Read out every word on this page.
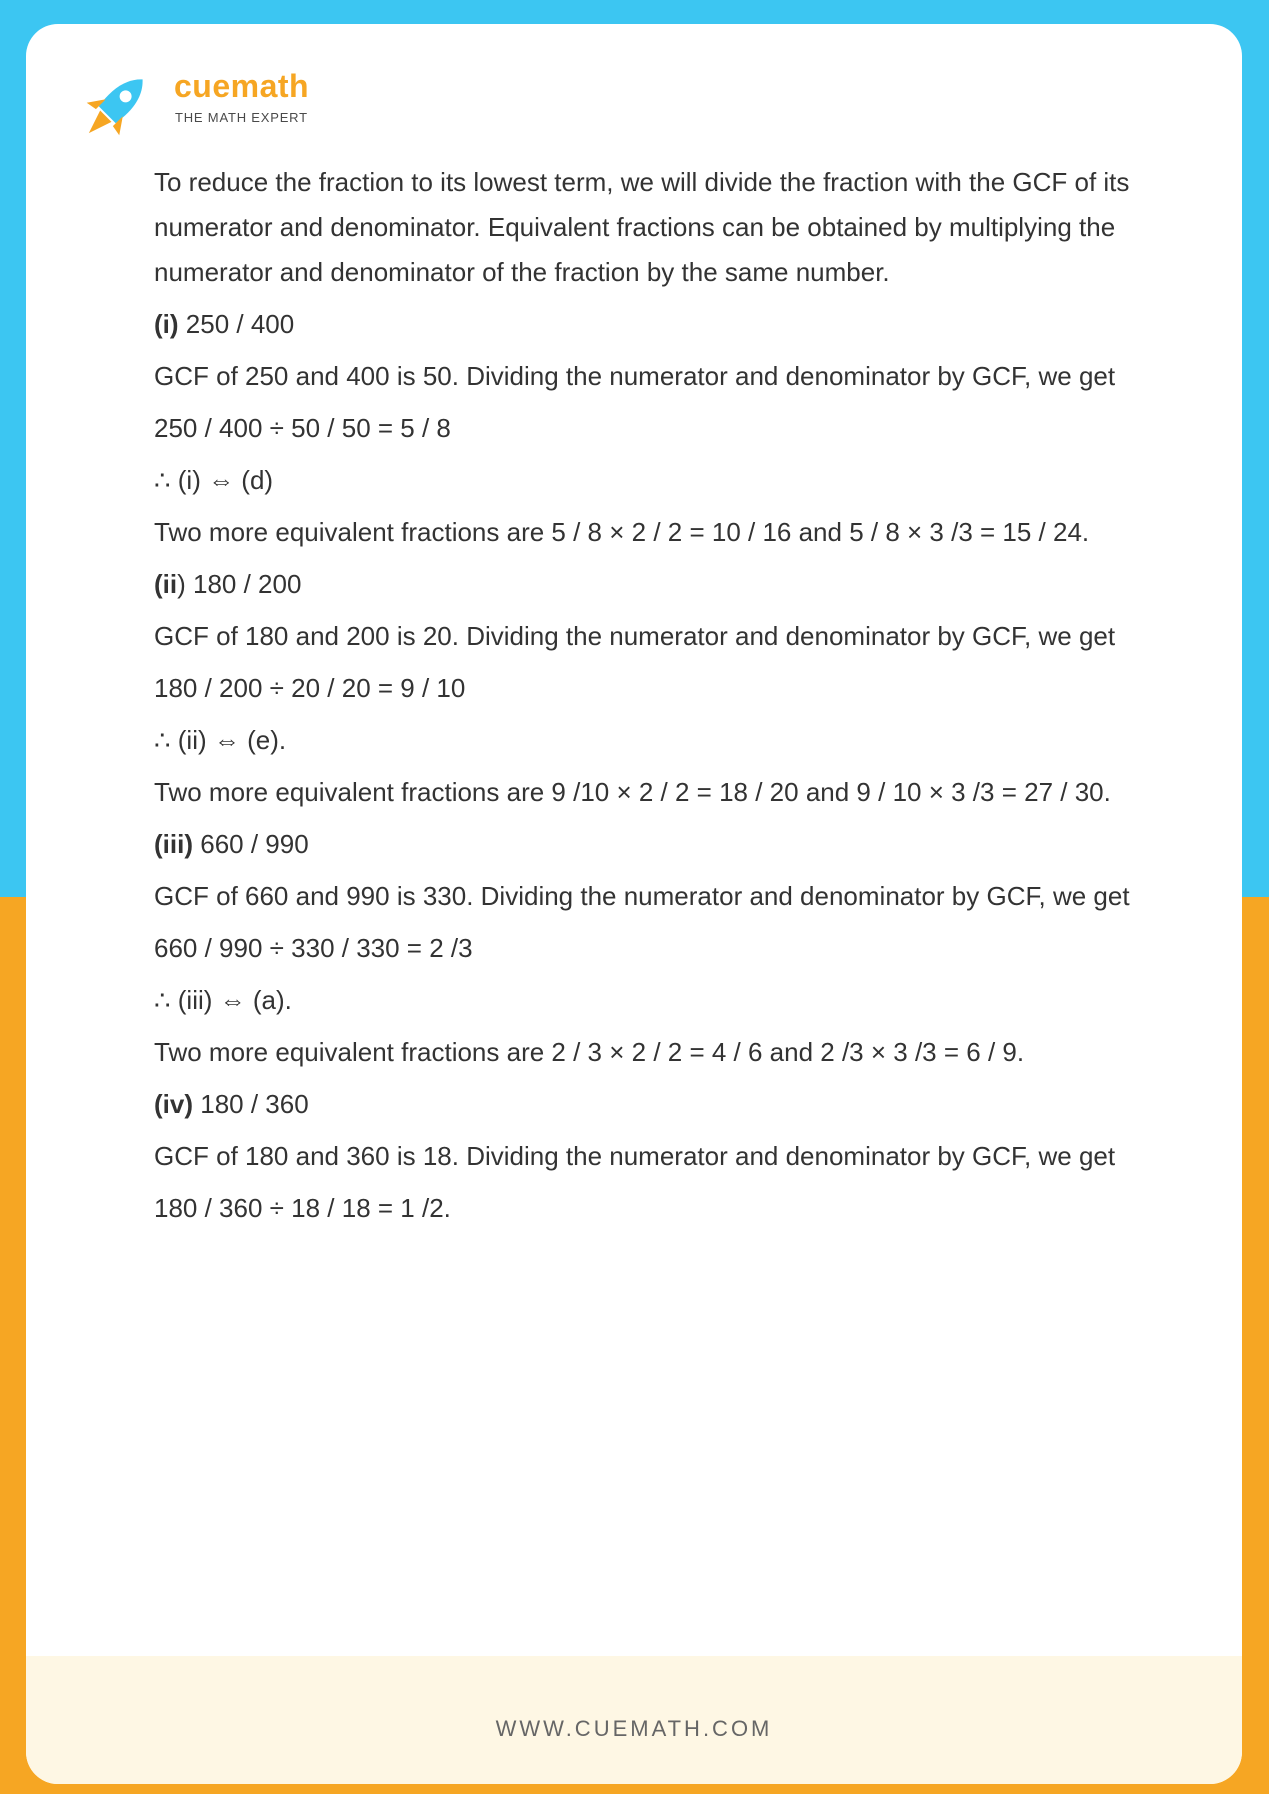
cuemath
THE MATH EXPERT

To reduce the fraction to its lowest term, we will divide the fraction with the GCF of its numerator and denominator. Equivalent fractions can be obtained by multiplying the numerator and denominator of the fraction by the same number.

(i) 250 / 400

GCF of 250 and 400 is 50. Dividing the numerator and denominator by GCF, we get

250 / 400 ÷ 50 / 50 = 5 / 8

∴ (i) ⇔ (d)

Two more equivalent fractions are 5 / 8 × 2 / 2 = 10 / 16 and 5 / 8 × 3 /3 = 15 / 24.

(ii) 180 / 200

GCF of 180 and 200 is 20. Dividing the numerator and denominator by GCF, we get

180 / 200 ÷ 20 / 20 = 9 / 10

∴ (ii) ⇔ (e).

Two more equivalent fractions are 9 /10 × 2 / 2 = 18 / 20 and 9 / 10 × 3 /3 = 27 / 30.

(iii) 660 / 990

GCF of 660 and 990 is 330. Dividing the numerator and denominator by GCF, we get

660 / 990 ÷ 330 / 330 = 2 /3

∴ (iii) ⇔ (a).

Two more equivalent fractions are 2 / 3 × 2 / 2 = 4 / 6 and 2 /3 × 3 /3 = 6 / 9.

(iv) 180 / 360

GCF of 180 and 360 is 18. Dividing the numerator and denominator by GCF, we get

180 / 360 ÷ 18 / 18 = 1 /2.

WWW.CUEMATH.COM
